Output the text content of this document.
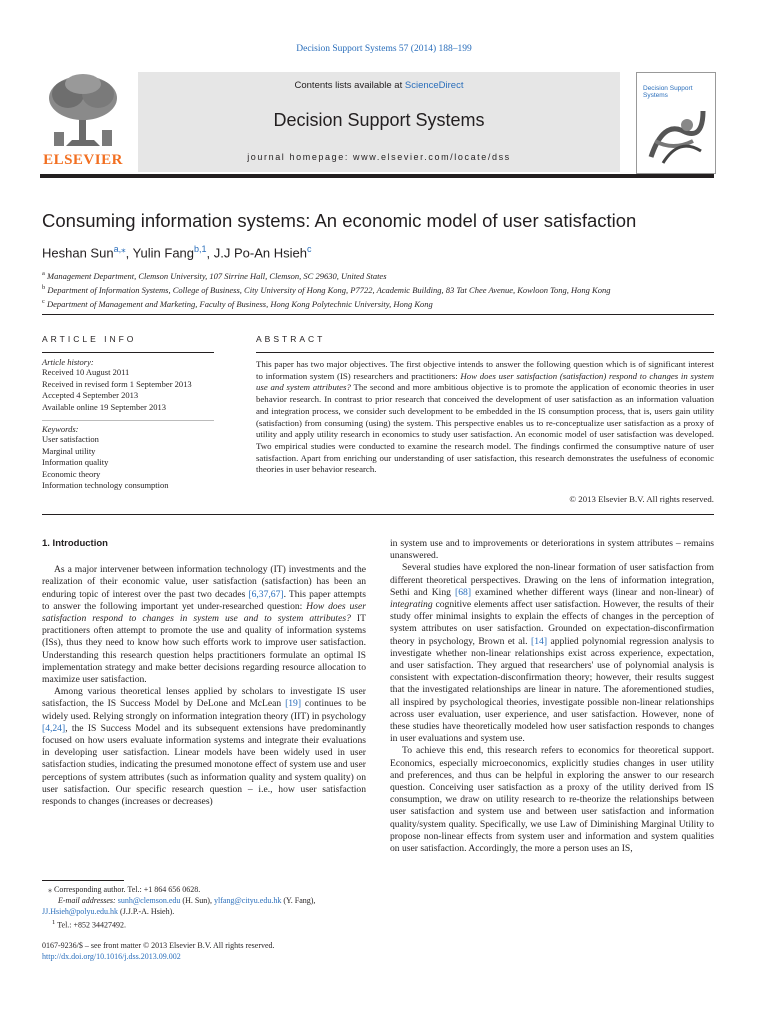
Decision Support Systems 57 (2014) 188–199
ELSEVIER
Contents lists available at ScienceDirect
Decision Support Systems
journal homepage: www.elsevier.com/locate/dss
Decision Support Systems
Consuming information systems: An economic model of user satisfaction
Heshan Sun$^{a,⁎}$, Yulin Fang$^{b,1}$, J.J Po-An Hsieh$^c$
$^a$ Management Department, Clemson University, 107 Sirrine Hall, Clemson, SC 29630, United States
$^b$ Department of Information Systems, College of Business, City University of Hong Kong, P7722, Academic Building, 83 Tat Chee Avenue, Kowloon Tong, Hong Kong
$^c$ Department of Management and Marketing, Faculty of Business, Hong Kong Polytechnic University, Hong Kong
ARTICLE INFO
Article history:
Received 10 August 2011
Received in revised form 1 September 2013
Accepted 4 September 2013
Available online 19 September 2013
Keywords:
User satisfaction
Marginal utility
Information quality
Economic theory
Information technology consumption
ABSTRACT
This paper has two major objectives. The first objective intends to answer the following question which is of significant interest to information system (IS) researchers and practitioners: How does user satisfaction (satisfaction) respond to changes in system use and system attributes? The second and more ambitious objective is to promote the application of economic theories in user behavior research. In contrast to prior research that conceived the development of user satisfaction as an information valuation and integration process, we consider such development to be embedded in the IS consumption process, that is, users gain utility (satisfaction) from consuming (using) the system. This perspective enables us to re-conceptualize user satisfaction as a proxy of utility and apply utility research in economics to study user satisfaction. An economic model of user satisfaction was developed. Two empirical studies were conducted to examine the research model. The findings confirmed the consumptive nature of user satisfaction. Apart from enriching our understanding of user satisfaction, this research demonstrates the usefulness of economic theories in user behavior research.
© 2013 Elsevier B.V. All rights reserved.
1. Introduction

As a major intervener between information technology (IT) investments and the realization of their economic value, user satisfaction (satisfaction) has been an enduring topic of interest over the past two decades [6,37,67]. This paper attempts to answer the following important yet under-researched question: How does user satisfaction respond to changes in system use and to system attributes? IT practitioners often attempt to promote the use and quality of information systems (ISs), thus they need to know how such efforts work to improve user satisfaction. Understanding this research question helps practitioners formulate an optimal IS implementation strategy and make better decisions regarding resource allocation to maximize user satisfaction.

Among various theoretical lenses applied by scholars to investigate IS user satisfaction, the IS Success Model by DeLone and McLean [19] continues to be widely used. Relying strongly on information integration theory (IIT) in psychology [4,24], the IS Success Model and its subsequent extensions have predominantly focused on how users evaluate information systems and integrate their evaluations in developing user satisfaction. Linear models have been widely used in user satisfaction studies, indicating the presumed monotone effect of system use and user perceptions of system attributes (such as information quality and system quality) on user satisfaction. Our specific research question – i.e., how user satisfaction responds to changes (increases or decreases)

⁎ Corresponding author. Tel.: +1 864 656 0628.

E-mail addresses: sunh@clemson.edu (H. Sun), ylfang@cityu.edu.hk (Y. Fang),
JJ.Hsieh@polyu.edu.hk (J.J.P.-A. Hsieh).

$^1$ Tel.: +852 34427492.

0167-9236/$ – see front matter © 2013 Elsevier B.V. All rights reserved.
http://dx.doi.org/10.1016/j.dss.2013.09.002

in system use and to improvements or deteriorations in system attributes – remains unanswered.

Several studies have explored the non-linear formation of user satisfaction from different theoretical perspectives. Drawing on the lens of information integration, Sethi and King [68] examined whether different ways (linear and non-linear) of integrating cognitive elements affect user satisfaction. However, the results of their study offer minimal insights to explain the effects of changes in the perception of system attributes on user satisfaction. Grounded on expectation-disconfirmation theory in psychology, Brown et al. [14] applied polynomial regression analysis to investigate whether non-linear relationships exist across experience, expectation, and user satisfaction. They argued that researchers' use of polynomial analysis is consistent with expectation-disconfirmation theory; however, their results suggest that the investigated relationships are linear in nature. The aforementioned studies, all inspired by psychological theories, investigate possible non-linear relationships across user evaluation, user experience, and user satisfaction. However, none of these studies have theoretically modeled how user satisfaction responds to changes in user evaluations and system use.

To achieve this end, this research refers to economics for theoretical support. Economics, especially microeconomics, explicitly studies changes in user utility and preferences, and thus can be helpful in exploring the answer to our research question. Conceiving user satisfaction as a proxy of the utility derived from IS consumption, we draw on utility research to re-theorize the relationships between user satisfaction and system use and between user satisfaction and information quality/system quality. Specifically, we use Law of Diminishing Marginal Utility to propose non-linear effects from system user and information and system qualities on user satisfaction. Accordingly, the more a person uses an IS,
